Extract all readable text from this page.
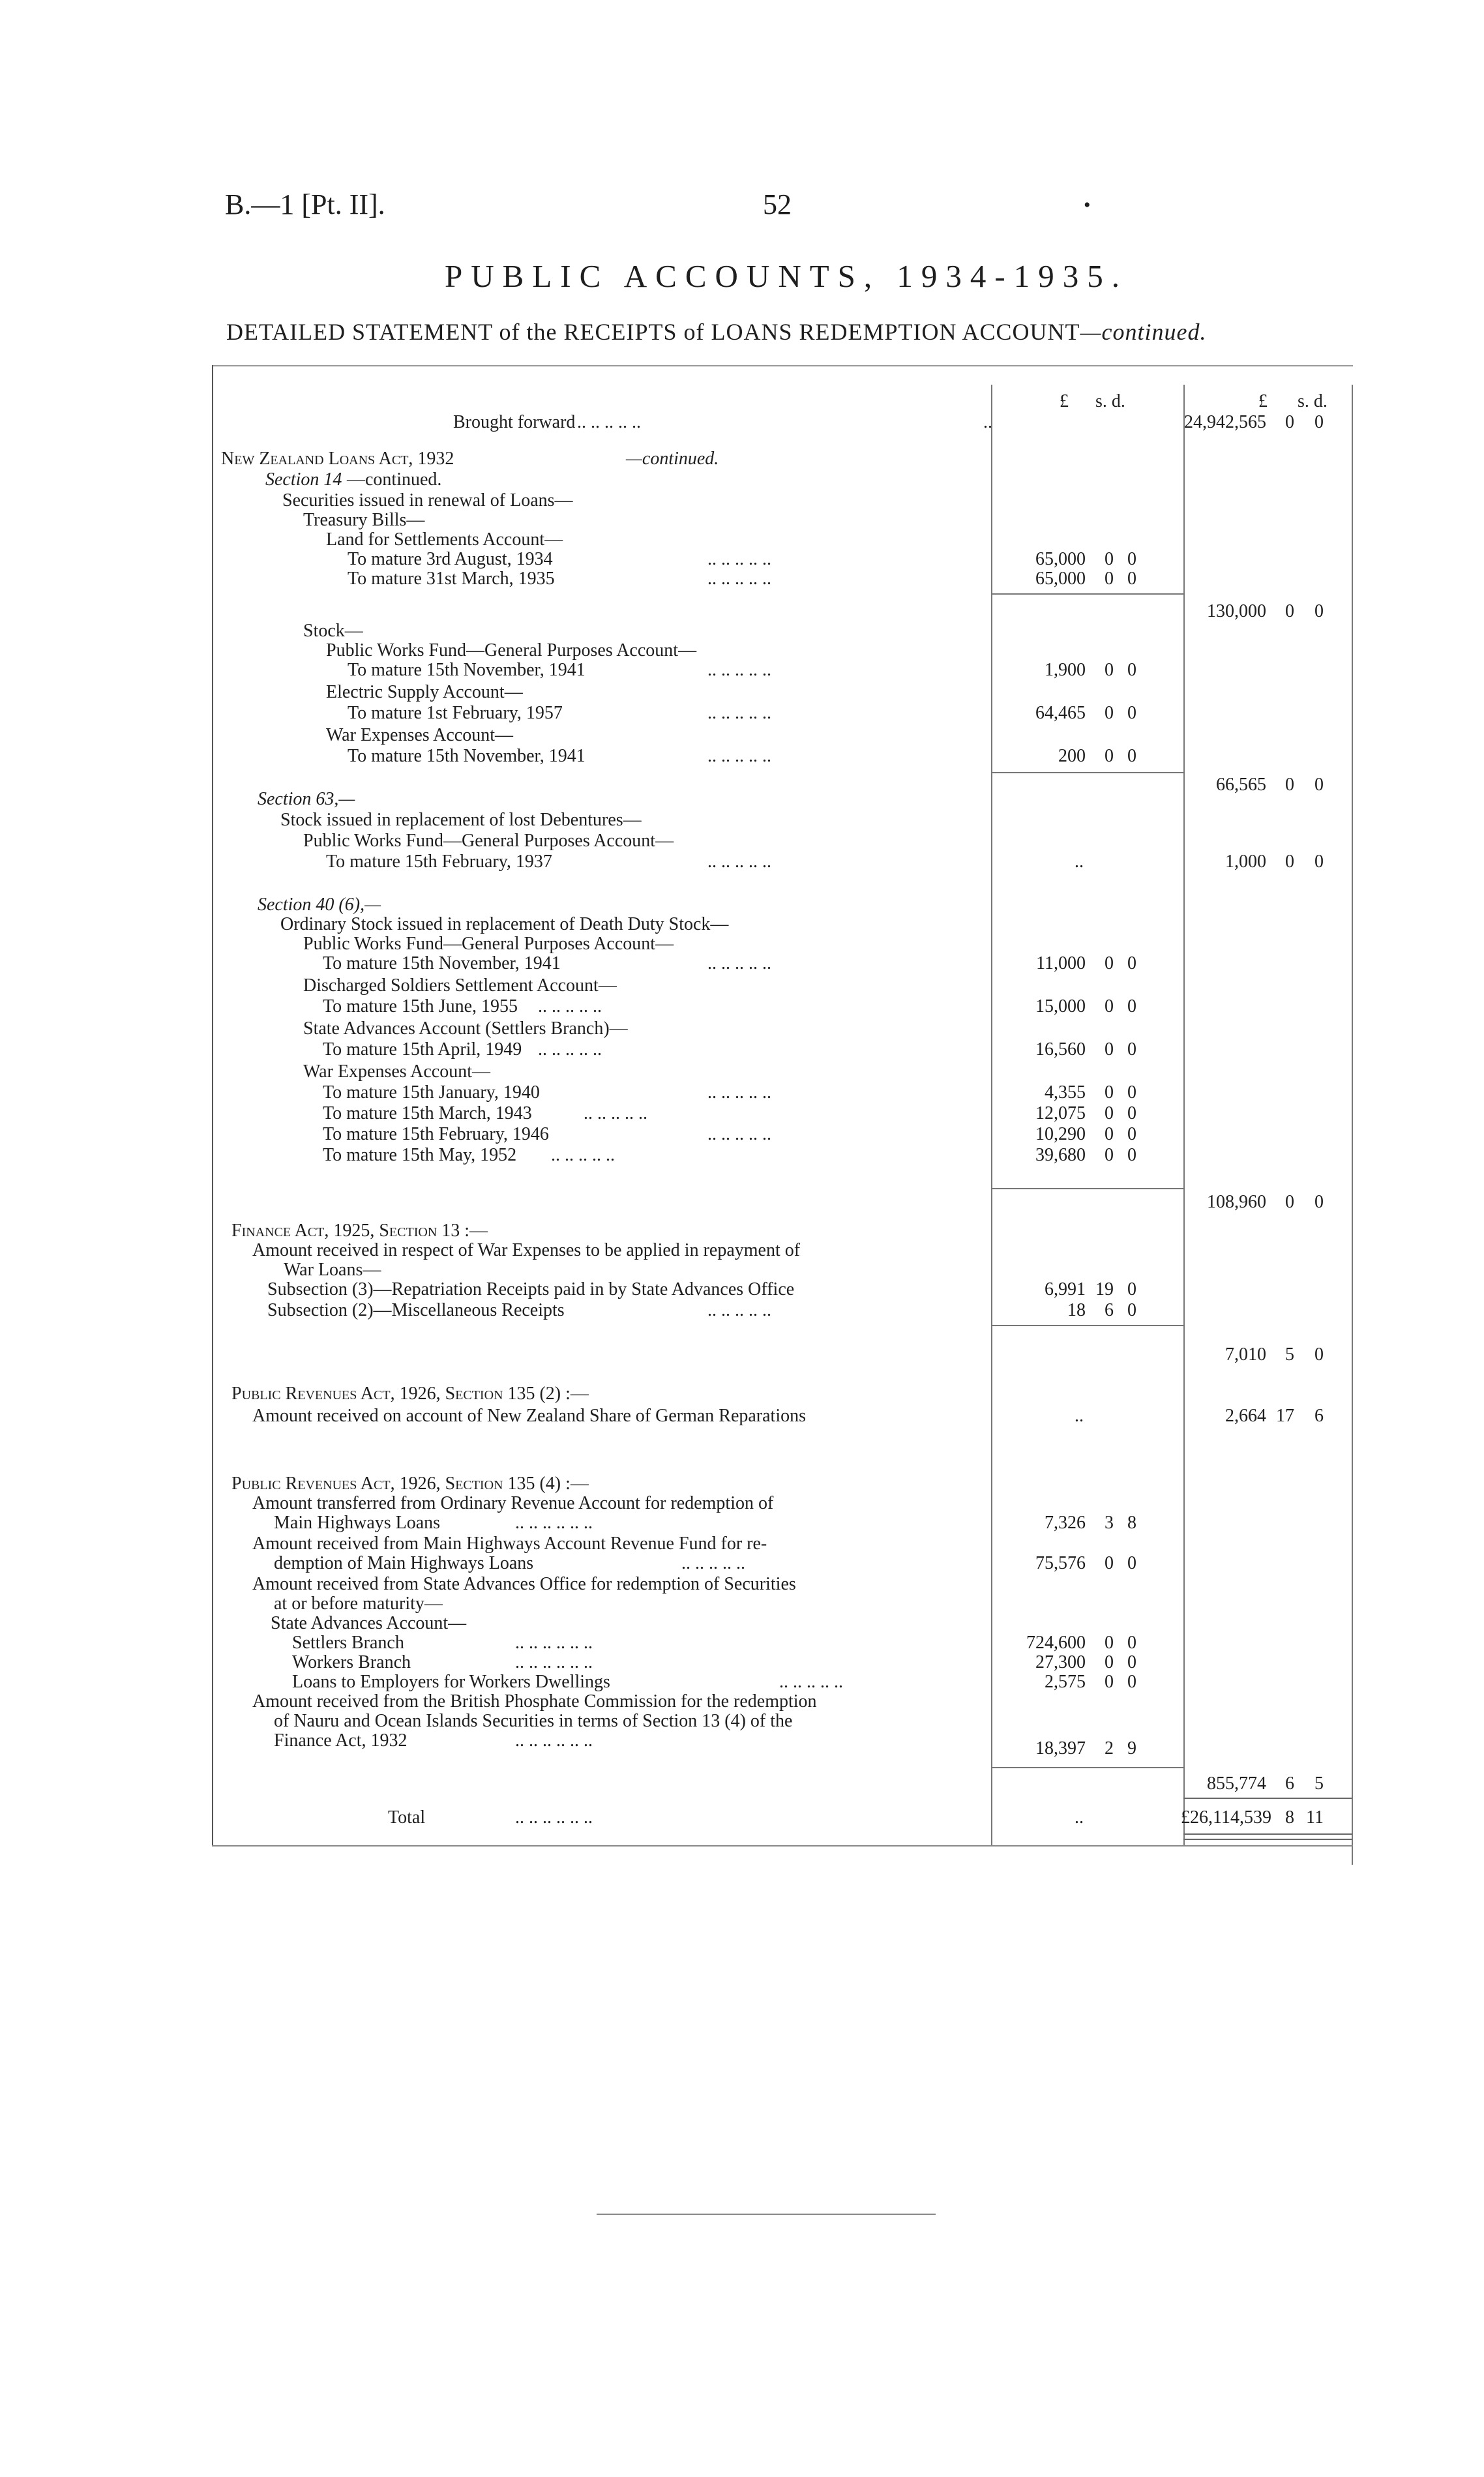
B.—1 [Pt. II].	52	•
PUBLIC ACCOUNTS, 1934-1935.
DETAILED STATEMENT of the RECEIPTS of LOANS REDEMPTION ACCOUNT—continued.
£ s. d.	£ s. d.
Brought forward .. .. .. .. ..	..	24,942,565	0	0
New Zealand Loans Act, 1932	—continued.
Section 14 —continued.
Securities issued in renewal of Loans—
Treasury Bills—
Land for Settlements Account—
To mature 3rd August, 1934	.. .. .. .. ..	65,000	0 0
To mature 31st March, 1935	.. .. .. .. ..	65,000	0 0
130,000	0	0
Stock—
Public Works Fund—General Purposes Account—
To mature 15th November, 1941	.. .. .. .. ..	1,900	0 0
Electric Supply Account—
To mature 1st February, 1957	.. .. .. .. ..	64,465	0 0
War Expenses Account—
To mature 15th November, 1941	.. .. .. .. ..	200	0 0
66,565	0	0
Section 63,—
Stock issued in replacement of lost Debentures—
Public Works Fund—General Purposes Account—
To mature 15th February, 1937	.. .. .. .. ..	..	1,000	0	0
Section 40 (6),—
Ordinary Stock issued in replacement of Death Duty Stock—
Public Works Fund—General Purposes Account—
To mature 15th November, 1941	.. .. .. .. ..	11,000	0 0
Discharged Soldiers Settlement Account—
To mature 15th June, 1955 .. .. .. .. ..	15,000	0 0
State Advances Account (Settlers Branch)—
To mature 15th April, 1949 .. .. .. .. ..	16,560	0 0
War Expenses Account—
To mature 15th January, 1940	.. .. .. .. ..	4,355	0 0
To mature 15th March, 1943	.. .. .. .. ..	12,075	0 0
To mature 15th February, 1946	.. .. .. .. ..	10,290	0 0
To mature 15th May, 1952 .. .. .. .. ..	39,680	0 0
108,960	0	0
Finance Act, 1925, Section 13 :—
Amount received in respect of War Expenses to be applied in repayment of
War Loans—
Subsection (3)—Repatriation Receipts paid in by State Advances Office	6,991 19 0
Subsection (2)—Miscellaneous Receipts	.. .. .. .. ..	18	6 0
7,010	5	0
Public Revenues Act, 1926, Section 135 (2) :—
Amount received on account of New Zealand Share of German Reparations	..	2,664 17	6
Public Revenues Act, 1926, Section 135 (4) :—
Amount transferred from Ordinary Revenue Account for redemption of
Main Highways Loans	.. .. .. .. .. ..	7,326	3 8
Amount received from Main Highways Account Revenue Fund for re-
demption of Main Highways Loans	.. .. .. .. ..	75,576	0 0
Amount received from State Advances Office for redemption of Securities
at or before maturity—
State Advances Account—
Settlers Branch	.. .. .. .. .. ..	724,600	0 0
Workers Branch	.. .. .. .. .. ..	27,300	0 0
Loans to Employers for Workers Dwellings	.. .. .. .. ..	2,575	0 0
Amount received from the British Phosphate Commission for the redemption
of Nauru and Ocean Islands Securities in terms of Section 13 (4) of the
Finance Act, 1932	.. .. .. .. .. ..	18,397	2 9
855,774	6	5
Total	.. .. .. .. .. ..	..	£26,114,539 8 11
